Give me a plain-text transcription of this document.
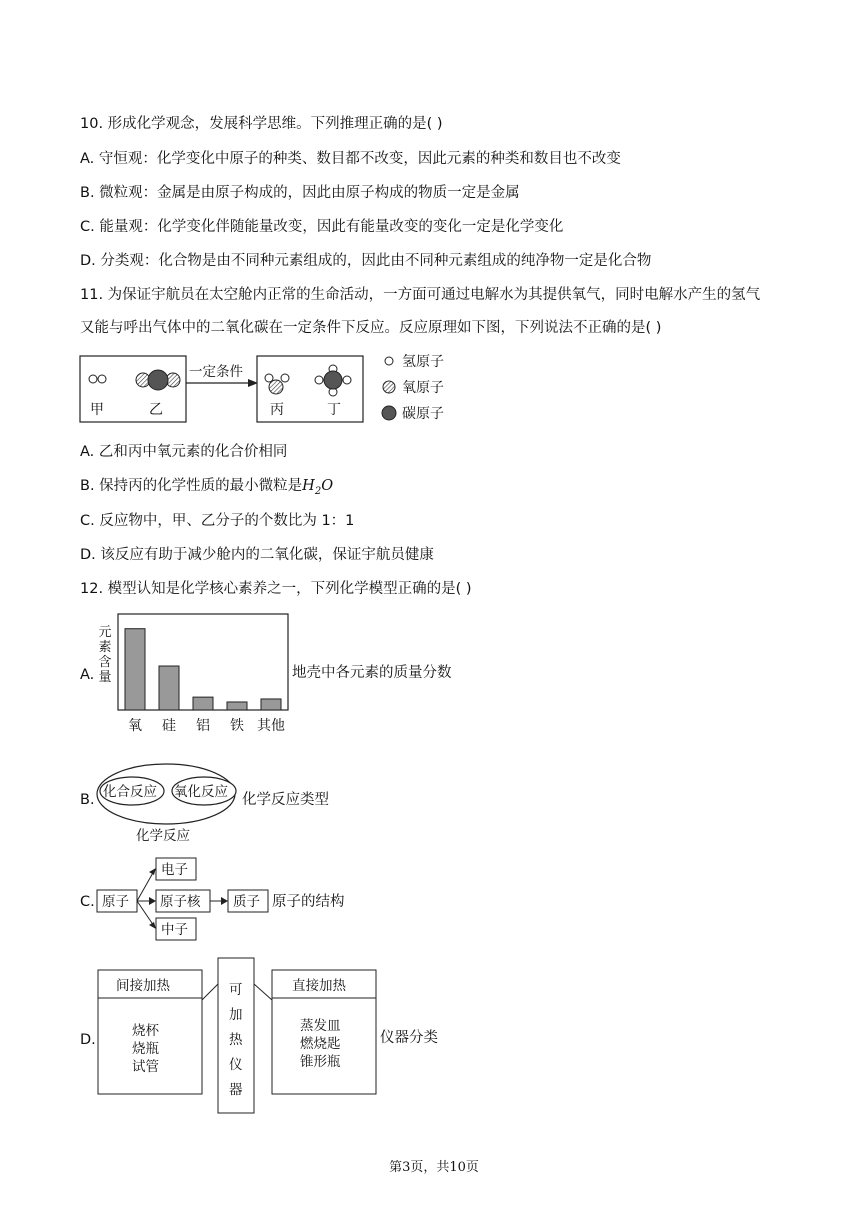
10. 形成化学观念，发展科学思维。下列推理正确的是( )
A. 守恒观：化学变化中原子的种类、数目都不改变，因此元素的种类和数目也不改变
B. 微粒观：金属是由原子构成的，因此由原子构成的物质一定是金属
C. 能量观：化学变化伴随能量改变，因此有能量改变的变化一定是化学变化
D. 分类观：化合物是由不同种元素组成的，因此由不同种元素组成的纯净物一定是化合物
11. 为保证宇航员在太空舱内正常的生命活动，一方面可通过电解水为其提供氧气，同时电解水产生的氢气
又能与呼出气体中的二氧化碳在一定条件下反应。反应原理如下图，下列说法不正确的是( )
甲	乙
一定条件
丙	丁
氢原子
氧原子
碳原子
A. 乙和丙中氧元素的化合价相同
B. 保持丙的化学性质的最小微粒是$H_2O$
C. 反应物中，甲、乙分子的个数比为 1：1
D. 该反应有助于减少舱内的二氧化碳，保证宇航员健康
12. 模型认知是化学核心素养之一，下列化学模型正确的是( )
A.
元素含量
氧 硅 铝 铁 其他
地壳中各元素的质量分数
B. 化合反应 氧化反应
化学反应
化学反应类型
C. 原子
电子
原子核
中子
质子 原子的结构
D.
间接加热
烧杯
烧瓶
试管
可
加
热
仪
器
直接加热
蒸发皿
燃烧匙
锥形瓶
仪器分类
第3页，共10页
